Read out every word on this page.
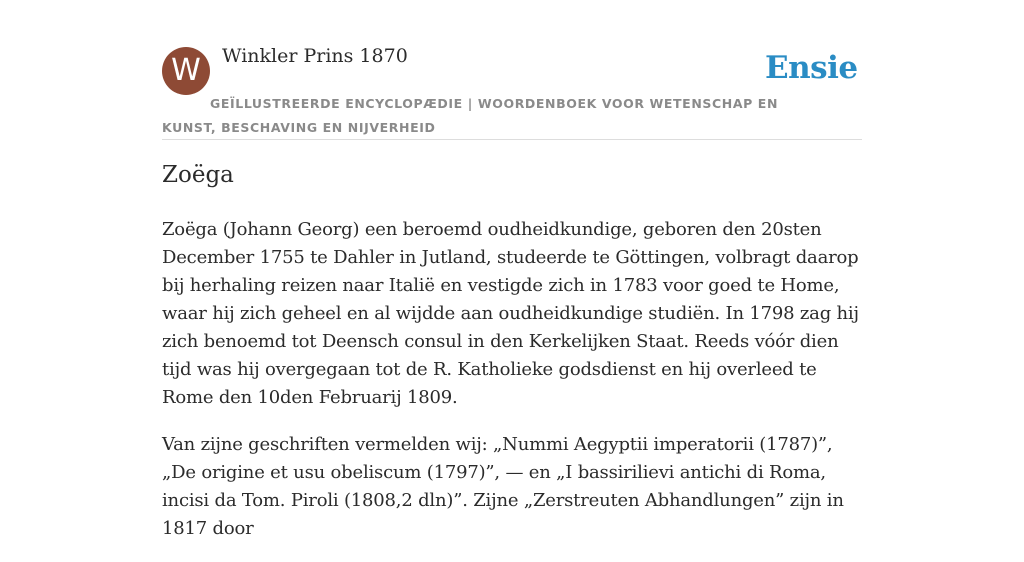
W	Winkler Prins 1870	Ensie
GEÏLLUSTREERDE ENCYCLOPÆDIE | WOORDENBOEK VOOR WETENSCHAP EN KUNST, BESCHAVING EN NIJVERHEID
Zoëga

Zoëga (Johann Georg) een beroemd oudheidkundige, geboren den 20sten December 1755 te Dahler in Jutland, studeerde te Göttingen, volbragt daarop bij herhaling reizen naar Italië en vestigde zich in 1783 voor goed te Home, waar hij zich geheel en al wijdde aan oudheidkundige studiën. In 1798 zag hij zich benoemd tot Deensch consul in den Kerkelijken Staat. Reeds vóór dien tijd was hij overgegaan tot de R. Katholieke godsdienst en hij overleed te Rome den 10den Februarij 1809.

Van zijne geschriften vermelden wij: „Nummi Aegyptii imperatorii (1787)”, „De origine et usu obeliscum (1797)”, — en „I bassirilievi antichi di Roma, incisi da Tom. Piroli (1808,2 dln)”. Zijne „Zerstreuten Abhandlungen” zijn in 1817 door
